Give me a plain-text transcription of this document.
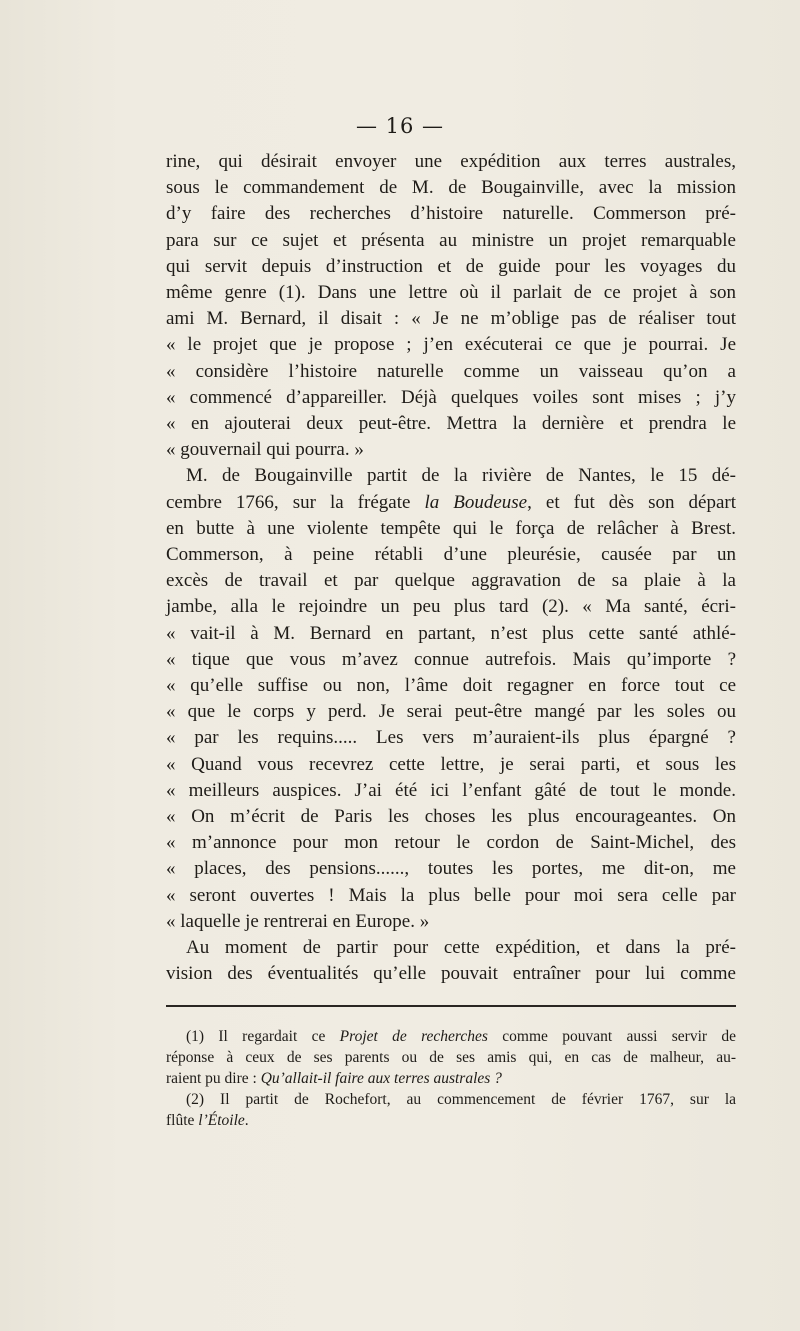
— 16 —
rine, qui désirait envoyer une expédition aux terres australes,
sous le commandement de M. de Bougainville, avec la mission
d’y faire des recherches d’histoire naturelle. Commerson pré-
para sur ce sujet et présenta au ministre un projet remarquable
qui servit depuis d’instruction et de guide pour les voyages du
même genre (1). Dans une lettre où il parlait de ce projet à son
ami M. Bernard, il disait : « Je ne m’oblige pas de réaliser tout
« le projet que je propose ; j’en exécuterai ce que je pourrai. Je
« considère l’histoire naturelle comme un vaisseau qu’on a
« commencé d’appareiller. Déjà quelques voiles sont mises ; j’y
« en ajouterai deux peut-être. Mettra la dernière et prendra le
« gouvernail qui pourra. »
M. de Bougainville partit de la rivière de Nantes, le 15 dé-
cembre 1766, sur la frégate la Boudeuse, et fut dès son départ
en butte à une violente tempête qui le força de relâcher à Brest.
Commerson, à peine rétabli d’une pleurésie, causée par un
excès de travail et par quelque aggravation de sa plaie à la
jambe, alla le rejoindre un peu plus tard (2). « Ma santé, écri-
« vait-il à M. Bernard en partant, n’est plus cette santé athlé-
« tique que vous m’avez connue autrefois. Mais qu’importe ?
« qu’elle suffise ou non, l’âme doit regagner en force tout ce
« que le corps y perd. Je serai peut-être mangé par les soles ou
« par les requins..... Les vers m’auraient-ils plus épargné ?
« Quand vous recevrez cette lettre, je serai parti, et sous les
« meilleurs auspices. J’ai été ici l’enfant gâté de tout le monde.
« On m’écrit de Paris les choses les plus encourageantes. On
« m’annonce pour mon retour le cordon de Saint-Michel, des
« places, des pensions......, toutes les portes, me dit-on, me
« seront ouvertes ! Mais la plus belle pour moi sera celle par
« laquelle je rentrerai en Europe. »
Au moment de partir pour cette expédition, et dans la pré-
vision des éventualités qu’elle pouvait entraîner pour lui comme
(1) Il regardait ce Projet de recherches comme pouvant aussi servir de
réponse à ceux de ses parents ou de ses amis qui, en cas de malheur, au-
raient pu dire : Qu’allait-il faire aux terres australes ?
(2) Il partit de Rochefort, au commencement de février 1767, sur la
flûte l’Étoile.
